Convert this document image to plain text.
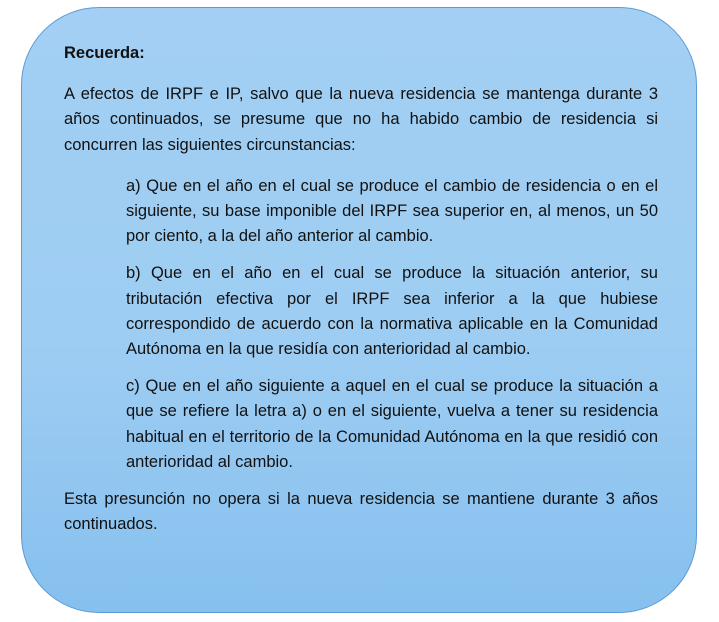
Recuerda:

A efectos de IRPF e IP, salvo que la nueva residencia se mantenga durante 3 años continuados, se presume que no ha habido cambio de residencia si concurren las siguientes circunstancias:

a) Que en el año en el cual se produce el cambio de residencia o en el siguiente, su base imponible del IRPF sea superior en, al menos, un 50 por ciento, a la del año anterior al cambio.

b) Que en el año en el cual se produce la situación anterior, su tributación efectiva por el IRPF sea inferior a la que hubiese correspondido de acuerdo con la normativa aplicable en la Comunidad Autónoma en la que residía con anterioridad al cambio.

c) Que en el año siguiente a aquel en el cual se produce la situación a que se refiere la letra a) o en el siguiente, vuelva a tener su residencia habitual en el territorio de la Comunidad Autónoma en la que residió con anterioridad al cambio.

Esta presunción no opera si la nueva residencia se mantiene durante 3 años continuados.
